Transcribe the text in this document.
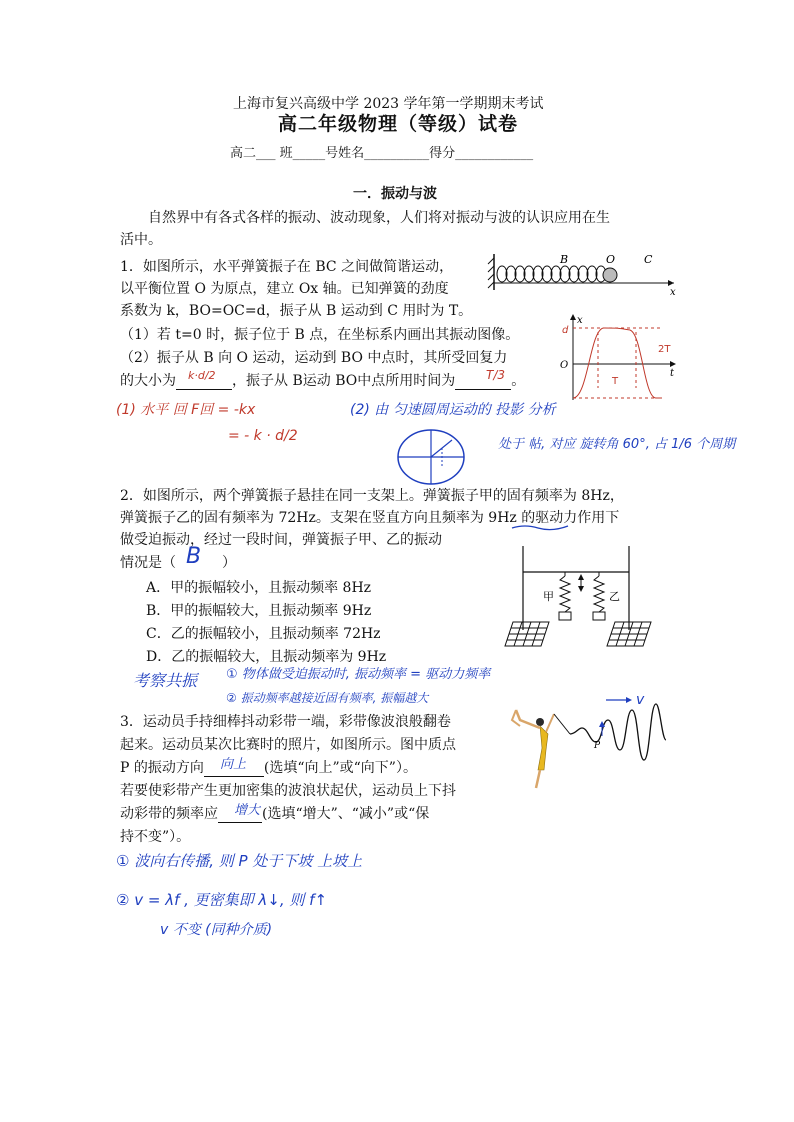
上海市复兴高级中学 2023 学年第一学期期末考试
高二年级物理（等级）试卷
高二___ 班_____号姓名__________得分____________
一．振动与波
自然界中有各式各样的振动、波动现象，人们将对振动与波的认识应用在生
活中。
1．如图所示，水平弹簧振子在 BC 之间做简谐运动，
以平衡位置 O 为原点，建立 Ox 轴。已知弹簧的劲度
系数为 k，BO=OC=d，振子从 B 运动到 C 用时为 T。
（1）若 t=0 时，振子位于 B 点，在坐标系内画出其振动图像。
（2）振子从 B 向 O 运动，运动到 BO 中点时，其所受回复力
的大小为	，振子从 B运动 BO中点所用时间为	。
k·d/2	T/3
B	O	C
x
x
t
O
d
T
2T
(1) 水平 回 F回 = -kx
= - k · d/2
(2) 由 匀速圆周运动的 投影 分析
处于 帖, 对应 旋转角 60°, 占 1/6 个周期
2．如图所示，两个弹簧振子悬挂在同一支架上。弹簧振子甲的固有频率为 8Hz，
弹簧振子乙的固有频率为 72Hz。支架在竖直方向且频率为 9Hz 的驱动力作用下
做受迫振动，经过一段时间，弹簧振子甲、乙的振动
情况是（	）
B
A．甲的振幅较小，且振动频率 8Hz
B．甲的振幅较大，且振动频率 9Hz
C．乙的振幅较小，且振动频率 72Hz
D．乙的振幅较大，且振动频率为 9Hz
甲	乙
考察共振 ① 物体做受迫振动时, 振动频率 = 驱动力频率
② 振动频率越接近固有频率, 振幅越大
3．运动员手持细棒抖动彩带一端，彩带像波浪般翻卷
起来。运动员某次比赛时的照片，如图所示。图中质点
P 的振动方向	(选填“向上”或“向下”）。
若要使彩带产生更加密集的波浪状起伏，运动员上下抖
动彩带的频率应	(选填“增大”、“减小”或“保
持不变”）。
向上
增大
P
v
① 波向右传播, 则 P 处于下坡 上坡上
② v = λf , 更密集即 λ↓, 则 f↑
v 不变 (同种介质)
